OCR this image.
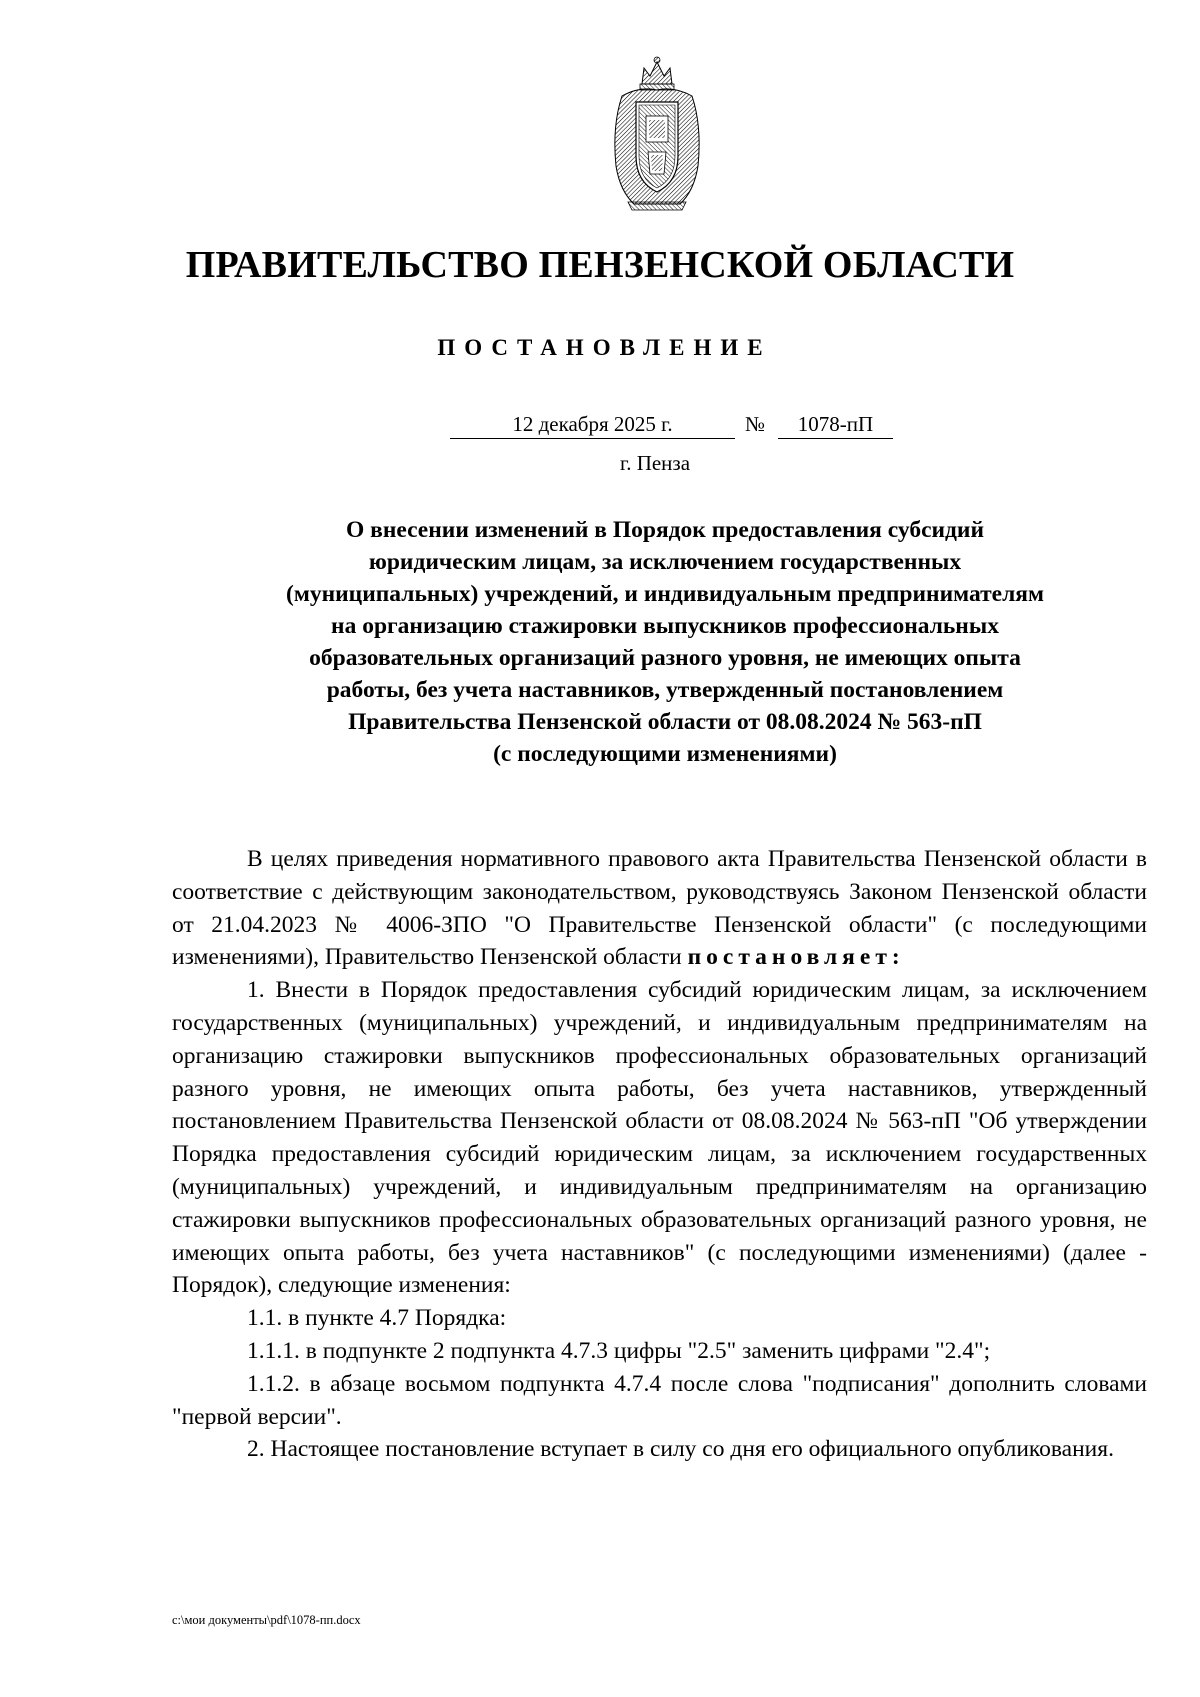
ПРАВИТЕЛЬСТВО ПЕНЗЕНСКОЙ ОБЛАСТИ
ПОСТАНОВЛЕНИЕ
12 декабря 2025 г.	№	1078-пП
г. Пенза
О внесении изменений в Порядок предоставления субсидий
юридическим лицам, за исключением государственных
(муниципальных) учреждений, и индивидуальным предпринимателям
на организацию стажировки выпускников профессиональных
образовательных организаций разного уровня, не имеющих опыта
работы, без учета наставников, утвержденный постановлением
Правительства Пензенской области от 08.08.2024 № 563-пП
(с последующими изменениями)

В целях приведения нормативного правового акта Правительства Пензенской области в соответствие с действующим законодательством, руководствуясь Законом Пензенской области от 21.04.2023 № 4006-ЗПО "О Правительстве Пензенской области" (с последующими изменениями), Правительство Пензенской области постановляет:

1. Внести в Порядок предоставления субсидий юридическим лицам, за исключением государственных (муниципальных) учреждений, и индивидуальным предпринимателям на организацию стажировки выпускников профессиональных образовательных организаций разного уровня, не имеющих опыта работы, без учета наставников, утвержденный постановлением Правительства Пензенской области от 08.08.2024 № 563-пП "Об утверждении Порядка предоставления субсидий юридическим лицам, за исключением государственных (муниципальных) учреждений, и индивидуальным предпринимателям на организацию стажировки выпускников профессиональных образовательных организаций разного уровня, не имеющих опыта работы, без учета наставников" (с последующими изменениями) (далее - Порядок), следующие изменения:

1.1. в пункте 4.7 Порядка:

1.1.1. в подпункте 2 подпункта 4.7.3 цифры "2.5" заменить цифрами "2.4";

1.1.2. в абзаце восьмом подпункта 4.7.4 после слова "подписания" дополнить словами "первой версии".

2. Настоящее постановление вступает в силу со дня его официального опубликования.

c:\мои документы\pdf\1078-пп.docx
